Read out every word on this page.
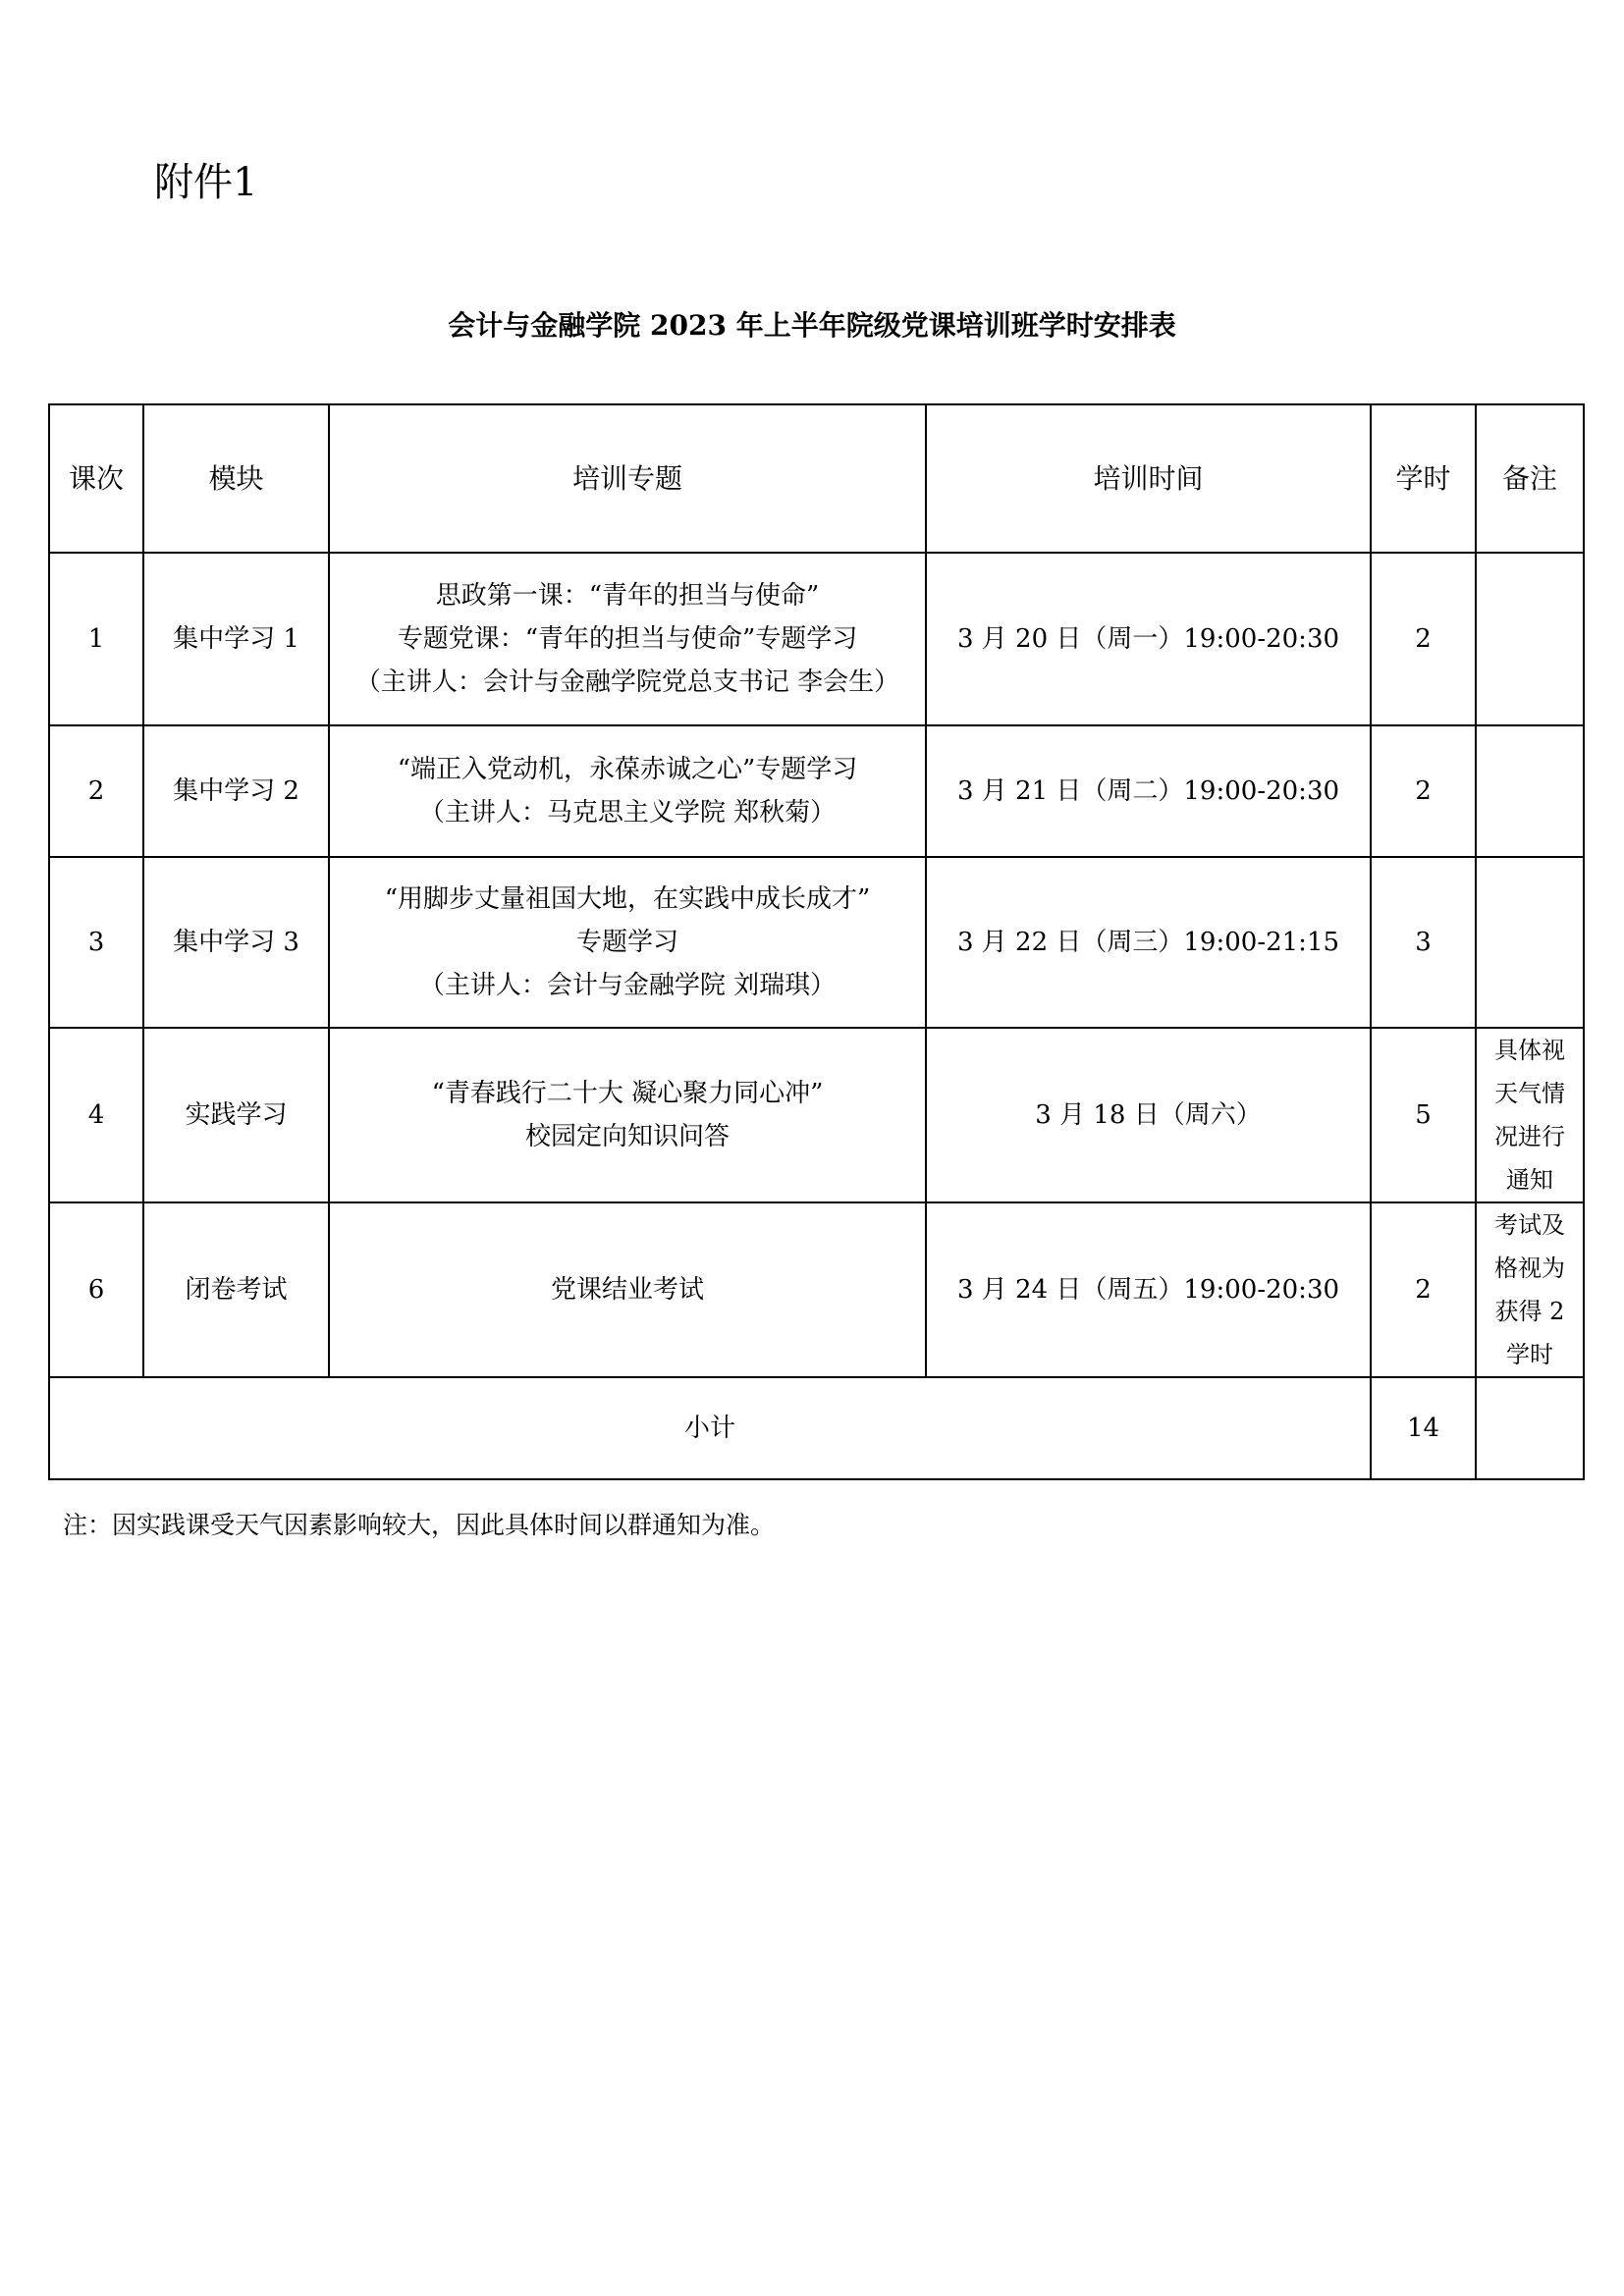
附件1
会计与金融学院 2023 年上半年院级党课培训班学时安排表
课次	模块	培训专题	培训时间	学时	备注
1	集中学习 1	思政第一课：“青年的担当与使命”
专题党课：“青年的担当与使命”专题学习
（主讲人：会计与金融学院党总支书记 李会生）	3 月 20 日（周一）19:00-20:30	2	
2	集中学习 2	“端正入党动机，永葆赤诚之心”专题学习
（主讲人：马克思主义学院 郑秋菊）	3 月 21 日（周二）19:00-20:30	2	
3	集中学习 3	“用脚步丈量祖国大地，在实践中成长成才”
专题学习
（主讲人：会计与金融学院 刘瑞琪）	3 月 22 日（周三）19:00-21:15	3	
4	实践学习	“青春践行二十大 凝心聚力同心冲”
校园定向知识问答	3 月 18 日（周六）	5	具体视天气情况进行通知
6	闭卷考试	党课结业考试	3 月 24 日（周五）19:00-20:30	2	考试及格视为获得 2 学时
小计				14	
注：因实践课受天气因素影响较大，因此具体时间以群通知为准。
